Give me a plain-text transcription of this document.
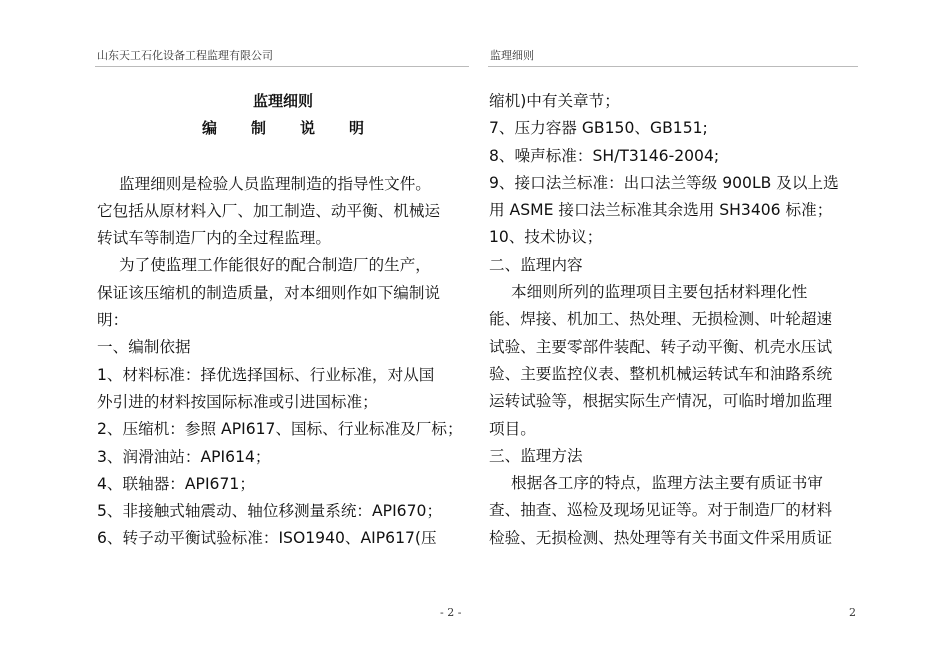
山东天工石化设备工程监理有限公司	监理细则

监理细则

编 制 说 明

监理细则是检验人员监理制造的指导性文件。

它包括从原材料入厂、加工制造、动平衡、机械运

转试车等制造厂内的全过程监理。

为了使监理工作能很好的配合制造厂的生产，

保证该压缩机的制造质量，对本细则作如下编制说

明：

一、编制依据

1、材料标准：择优选择国标、行业标准，对从国

外引进的材料按国际标准或引进国标准；

2、压缩机：参照 API617、国标、行业标准及厂标；

3、润滑油站：API614；

4、联轴器：API671；

5、非接触式轴震动、轴位移测量系统：API670；

6、转子动平衡试验标准：ISO1940、AIP617(压

缩机)中有关章节；

7、压力容器 GB150、GB151;

8、噪声标准：SH/T3146-2004;

9、接口法兰标准：出口法兰等级 900LB 及以上选

用 ASME 接口法兰标准其余选用 SH3406 标准；

10、技术协议；

二、监理内容

本细则所列的监理项目主要包括材料理化性

能、焊接、机加工、热处理、无损检测、叶轮超速

试验、主要零部件装配、转子动平衡、机壳水压试

验、主要监控仪表、整机机械运转试车和油路系统

运转试验等，根据实际生产情况，可临时增加监理

项目。

三、监理方法

根据各工序的特点，监理方法主要有质证书审

查、抽查、巡检及现场见证等。对于制造厂的材料

检验、无损检测、热处理等有关书面文件采用质证

- 2 -	2
